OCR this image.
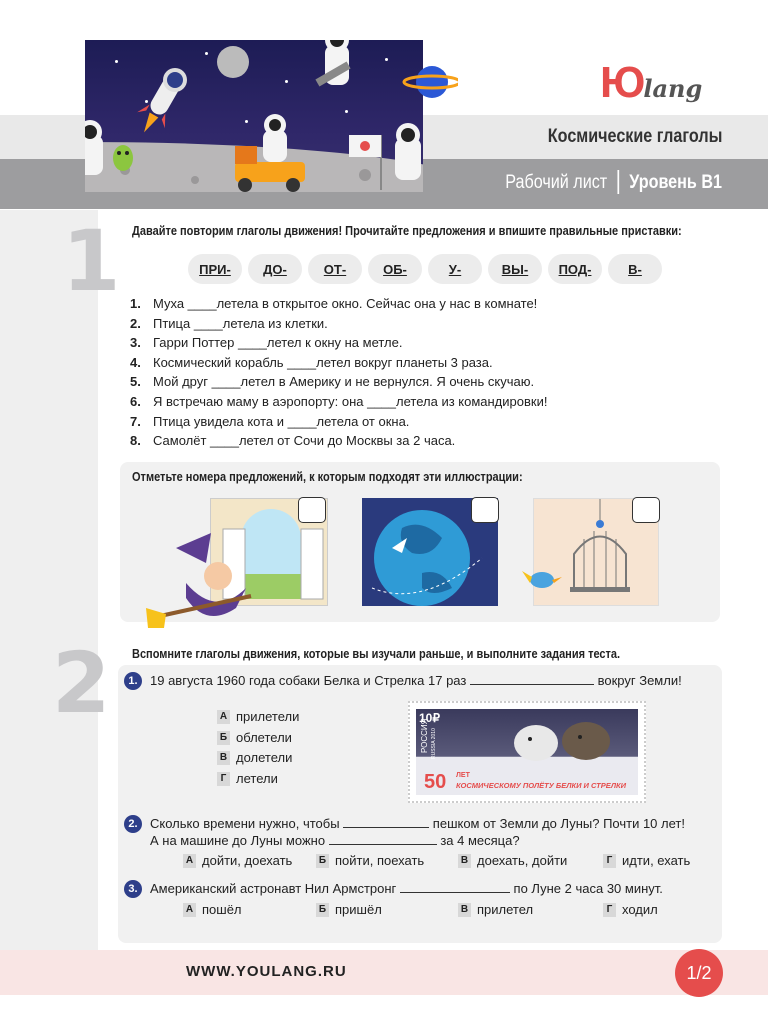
Юlang
Космические глаголы
Рабочий лист Уровень В1
1 Давайте повторим глаголы движения! Прочитайте предложения и впишите правильные приставки:
ПРИ-	ДО-	ОТ-	ОБ-	У-	ВЫ-	ПОД-	В-
1. Муха ____летела в открытое окно. Сейчас она у нас в комнате!
2. Птица ____летела из клетки.
3. Гарри Поттер ____летел к окну на метле.
4. Космический корабль ____летел вокруг планеты 3 раза.
5. Мой друг ____летел в Америку и не вернулся. Я очень скучаю.
6. Я встречаю маму в аэропорту: она ____летела из командировки!
7. Птица увидела кота и ____летела от окна.
8. Самолёт ____летел от Сочи до Москвы за 2 часа.
Отметьте номера предложений, к которым подходят эти иллюстрации:
2 Вспомните глаголы движения, которые вы изучали раньше, и выполните задания теста.
1. 19 августа 1960 года собаки Белка и Стрелка 17 раз	вокруг Земли!
А прилетели
Б облетели
В долетели
Г летели
10₽
РОССИЯ RUSSIA 2010
50 ЛЕТ
КОСМИЧЕСКОМУ ПОЛЁТУ БЕЛКИ И СТРЕЛКИ
2. Сколько времени нужно, чтобы	пешком от Земли до Луны? Почти 10 лет!
А на машине до Луны можно	за 4 месяца?
А дойти, доехать	Б пойти, поехать	В доехать, дойти	Г идти, ехать
3. Американский астронавт Нил Армстронг	по Луне 2 часа 30 минут.
А пошёл	Б пришёл	В прилетел	Г ходил
WWW.YOULANG.RU	1/2
